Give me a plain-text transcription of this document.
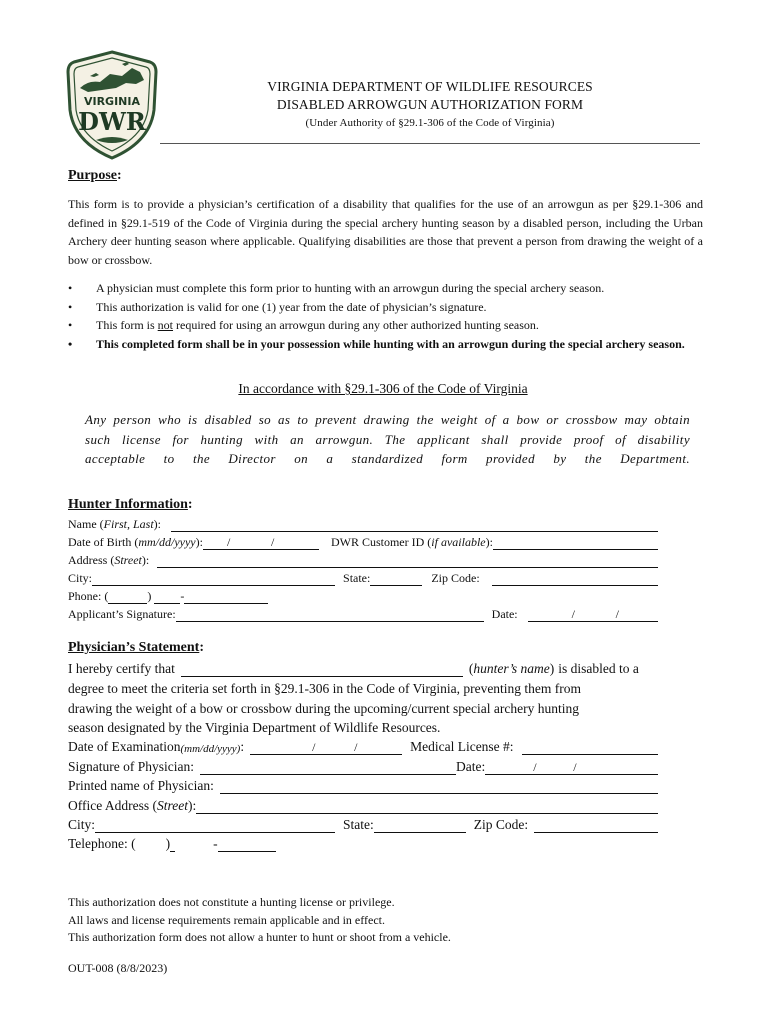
VIRGINIA
DWR
VIRGINIA DEPARTMENT OF WILDLIFE RESOURCES
DISABLED ARROWGUN AUTHORIZATION FORM
(Under Authority of §29.1-306 of the Code of Virginia)
Purpose:
This form is to provide a physician’s certification of a disability that qualifies for the use of an arrowgun as per §29.1-306 and defined in §29.1-519 of the Code of Virginia during the special archery hunting season by a disabled person, including the Urban Archery deer hunting season where applicable. Qualifying disabilities are those that prevent a person from drawing the weight of a bow or crossbow.
• A physician must complete this form prior to hunting with an arrowgun during the special archery season.
• This authorization is valid for one (1) year from the date of physician’s signature.
• This form is not required for using an arrowgun during any other authorized hunting season.
• This completed form shall be in your possession while hunting with an arrowgun during the special archery season.
In accordance with §29.1-306 of the Code of Virginia
Any person who is disabled so as to prevent drawing the weight of a bow or crossbow may obtain
such license for hunting with an arrowgun. The applicant shall provide proof of disability
acceptable to the Director on a standardized form provided by the Department.
Hunter Information:
Name ( First, Last ):
Date of Birth ( mm/dd/yyyy ): /	/	DWR Customer ID ( if available ):
Address ( Street ):
City:	State:	Zip Code:
Phone: (	) -
Applicant’s Signature:	Date:	/	/
Physician’s Statement:
I hereby certify that	( hunter’s name ) is disabled to a
degree to meet the criteria set forth in §29.1-306 in the Code of Virginia, preventing them from
drawing the weight of a bow or crossbow during the upcoming/current special archery hunting
season designated by the Virginia Department of Wildlife Resources.
Date of Examination (mm/dd/yyyy) :	/	/	Medical License #:
Signature of Physician:	Date:	/	/
Printed name of Physician:
Office Address ( Street ):
City:	State:	Zip Code:
Telephone: ( )	-
This authorization does not constitute a hunting license or privilege.
All laws and license requirements remain applicable and in effect.
This authorization form does not allow a hunter to hunt or shoot from a vehicle.
OUT-008 (8/8/2023)
